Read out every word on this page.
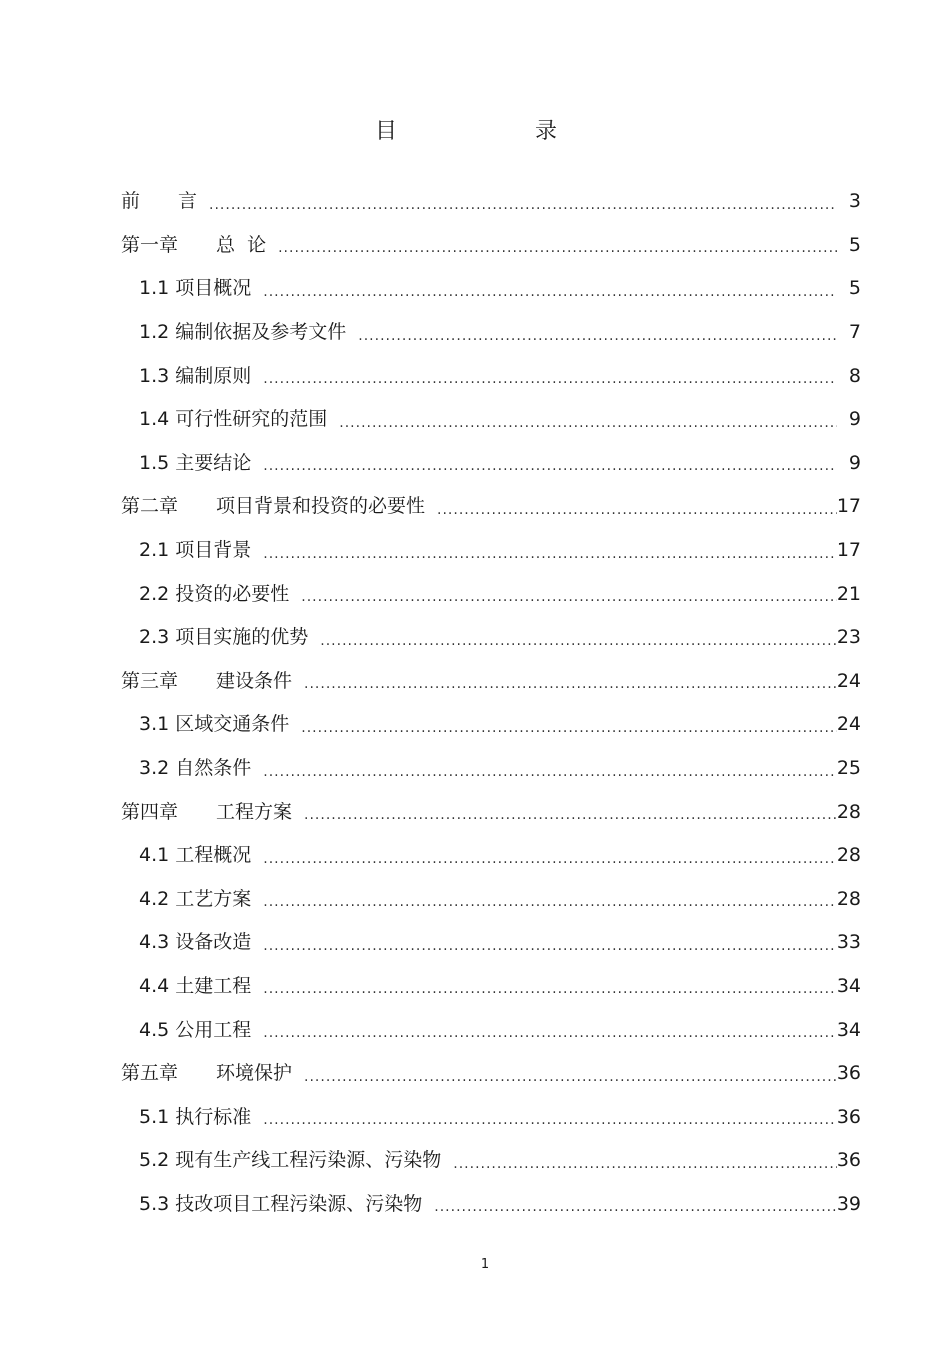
目　录
前　　言 .....	3
第一章　　总  论 .....	5
1.1 项目概况 .....	5
1.2 编制依据及参考文件 .....	7
1.3 编制原则 .....	8
1.4 可行性研究的范围 .....	9
1.5 主要结论 .....	9
第二章　　项目背景和投资的必要性 .....	17
2.1 项目背景 .....	17
2.2 投资的必要性 .....	21
2.3 项目实施的优势 .....	23
第三章　　建设条件 .....	24
3.1 区域交通条件 .....	24
3.2 自然条件 .....	25
第四章　　工程方案 .....	28
4.1 工程概况 .....	28
4.2 工艺方案 .....	28
4.3 设备改造 .....	33
4.4 土建工程 .....	34
4.5 公用工程 .....	34
第五章　　环境保护 .....	36
5.1 执行标准 .....	36
5.2 现有生产线工程污染源、污染物 .....	36
5.3 技改项目工程污染源、污染物 .....	39
1
